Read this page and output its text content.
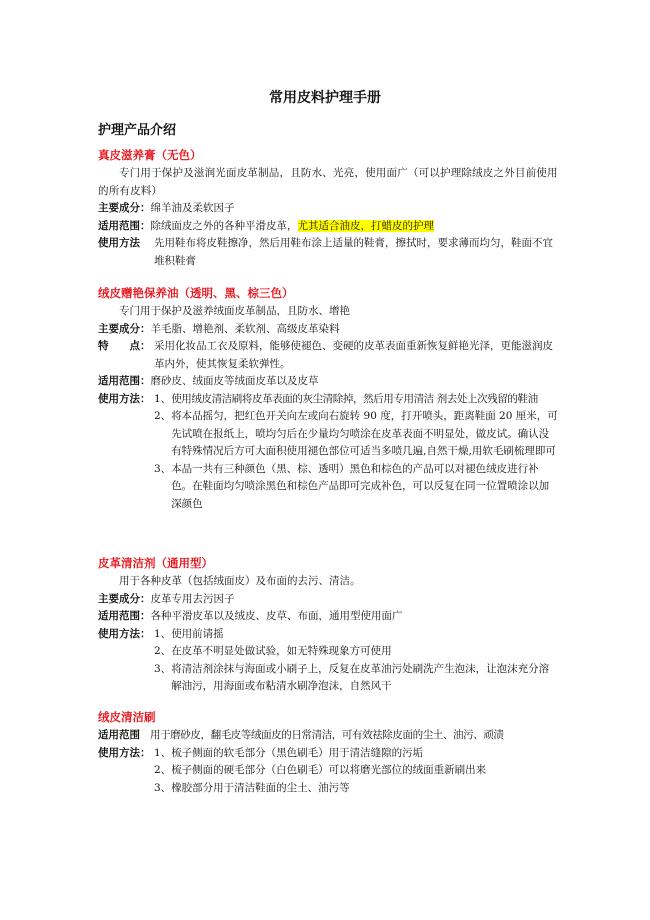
常用皮料护理手册
护理产品介绍
真皮滋养膏（无色）
专门用于保护及滋润光面皮革制品，且防水、光亮，使用面广（可以护理除绒皮之外目前使用的所有皮料）
主要成分： 绵羊油及柔软因子
适用范围： 除绒面皮之外的各种平滑皮革，尤其适合油皮，打蜡皮的护理
使用方法	先用鞋布将皮鞋擦净，然后用鞋布涂上适量的鞋膏，擦拭时，要求薄而均匀，鞋面不宜堆积鞋膏
绒皮赠艳保养油（透明、黑、棕三色）
专门用于保护及滋养绒面皮革制品，且防水、增艳
主要成分： 羊毛脂、增艳剂、柔软剂、高级皮革染料
特　　点： 采用化妆品工衣及原料，能够使褪色、变硬的皮革表面重新恢复鲜艳光泽，更能滋润皮革内外，使其恢复柔软弹性。
适用范围： 磨砂皮、绒面皮等绒面皮革以及皮草
使用方法： 1、 使用绒皮清洁刷将皮革表面的灰尘清除掉，然后用专用清洁 剂去处上次残留的鞋油
2、 将本品摇匀，把红色开关向左或向右旋转 90 度，打开喷头，距离鞋面 20 厘米，可先试喷在报纸上，喷均匀后在少量均匀喷涂在皮革表面不明显处，做皮试。确认没有特殊情况后方可大面积使用褪色部位可适当多喷几遍,自然干燥,用软毛刷梳理即可
3、 本品一共有三种颜色（黑、棕、透明）黑色和棕色的产品可以对褪色绒皮进行补色。在鞋面均匀喷涂黑色和棕色产品即可完成补色，可以反复在同一位置喷涂以加深颜色
皮革清洁剂（通用型）
用于各种皮革（包括绒面皮）及布面的去污、清洁。
主要成分： 皮革专用去污因子
适用范围： 各种平滑皮革以及绒皮、皮草、布面，通用型使用面广
使用方法： 1、 使用前请摇
2、 在皮革不明显处做试验，如无特殊现象方可使用
3、 将清洁剂涂抹与海面或小刷子上，反复在皮革油污处刷洗产生泡沫，让泡沫充分溶解油污，用海面或布粘清水刷净泡沫，自然风干
绒皮清洁刷
适用范围 用于磨砂皮，翻毛皮等绒面皮的日常清洁，可有效祛除皮面的尘土、油污、顽渍
使用方法： 1、 梳子侧面的软毛部分（黑色刷毛）用于清洁缝隙的污垢
2、 梳子侧面的硬毛部分（白色刷毛）可以将磨光部位的绒面重新刷出来
3、 橡胶部分用于清洁鞋面的尘土、油污等
